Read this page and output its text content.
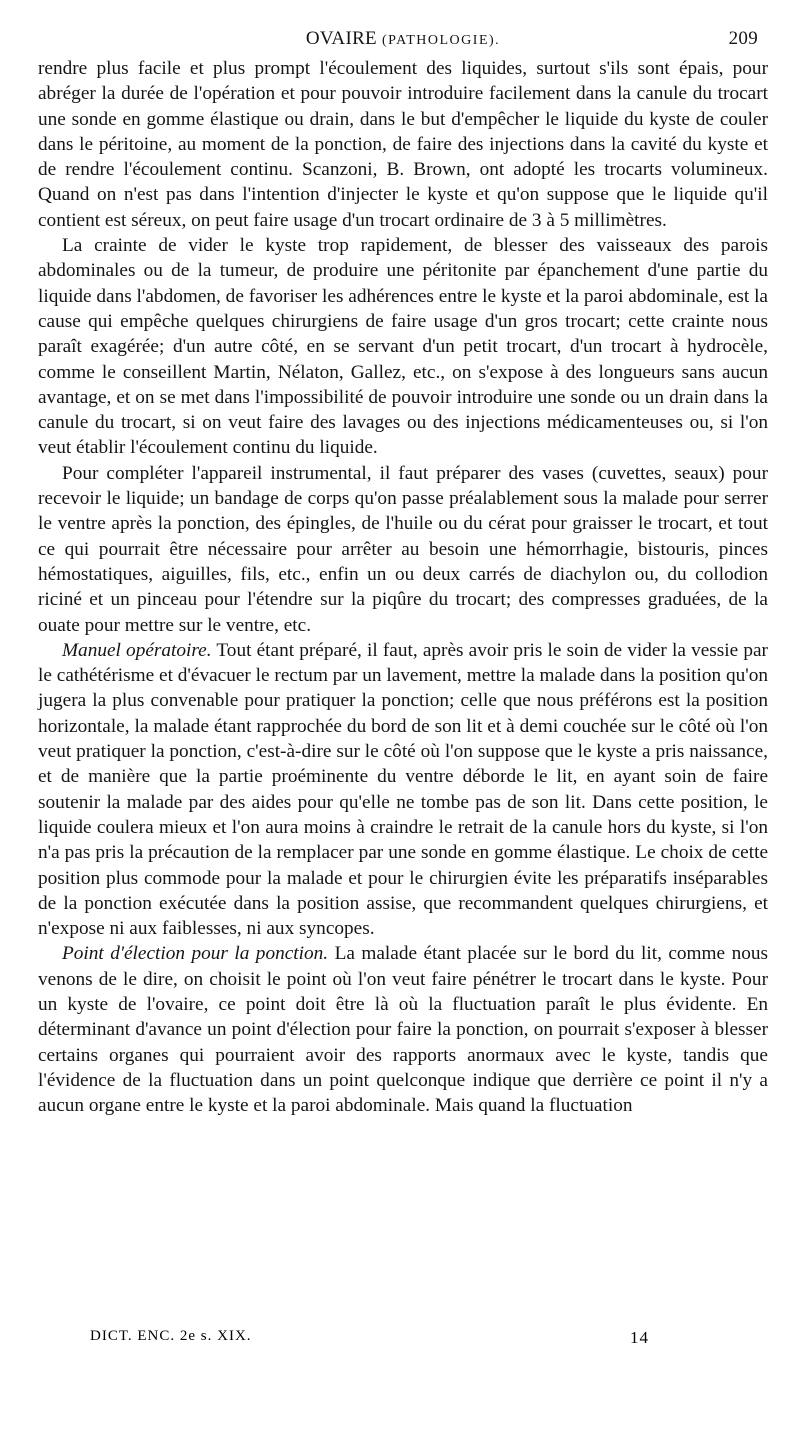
OVAIRE (PATHOLOGIE).	209

rendre plus facile et plus prompt l'écoulement des liquides, surtout s'ils sont épais, pour abréger la durée de l'opération et pour pouvoir introduire facilement dans la canule du trocart une sonde en gomme élastique ou drain, dans le but d'empêcher le liquide du kyste de couler dans le péritoine, au moment de la ponction, de faire des injections dans la cavité du kyste et de rendre l'écoulement continu. Scanzoni, B. Brown, ont adopté les trocarts volumineux. Quand on n'est pas dans l'intention d'injecter le kyste et qu'on suppose que le liquide qu'il contient est séreux, on peut faire usage d'un trocart ordinaire de 3 à 5 millimètres.

La crainte de vider le kyste trop rapidement, de blesser des vaisseaux des parois abdominales ou de la tumeur, de produire une péritonite par épanchement d'une partie du liquide dans l'abdomen, de favoriser les adhérences entre le kyste et la paroi abdominale, est la cause qui empêche quelques chirurgiens de faire usage d'un gros trocart; cette crainte nous paraît exagérée; d'un autre côté, en se servant d'un petit trocart, d'un trocart à hydrocèle, comme le conseillent Martin, Nélaton, Gallez, etc., on s'expose à des longueurs sans aucun avantage, et on se met dans l'impossibilité de pouvoir introduire une sonde ou un drain dans la canule du trocart, si on veut faire des lavages ou des injections médicamenteuses ou, si l'on veut établir l'écoulement continu du liquide.

Pour compléter l'appareil instrumental, il faut préparer des vases (cuvettes, seaux) pour recevoir le liquide; un bandage de corps qu'on passe préalablement sous la malade pour serrer le ventre après la ponction, des épingles, de l'huile ou du cérat pour graisser le trocart, et tout ce qui pourrait être nécessaire pour arrêter au besoin une hémorrhagie, bistouris, pinces hémostatiques, aiguilles, fils, etc., enfin un ou deux carrés de diachylon ou, du collodion riciné et un pinceau pour l'étendre sur la piqûre du trocart; des compresses graduées, de la ouate pour mettre sur le ventre, etc.

Manuel opératoire. Tout étant préparé, il faut, après avoir pris le soin de vider la vessie par le cathétérisme et d'évacuer le rectum par un lavement, mettre la malade dans la position qu'on jugera la plus convenable pour pratiquer la ponction; celle que nous préférons est la position horizontale, la malade étant rapprochée du bord de son lit et à demi couchée sur le côté où l'on veut pratiquer la ponction, c'est-à-dire sur le côté où l'on suppose que le kyste a pris naissance, et de manière que la partie proéminente du ventre déborde le lit, en ayant soin de faire soutenir la malade par des aides pour qu'elle ne tombe pas de son lit. Dans cette position, le liquide coulera mieux et l'on aura moins à craindre le retrait de la canule hors du kyste, si l'on n'a pas pris la précaution de la remplacer par une sonde en gomme élastique. Le choix de cette position plus commode pour la malade et pour le chirurgien évite les préparatifs inséparables de la ponction exécutée dans la position assise, que recommandent quelques chirurgiens, et n'expose ni aux faiblesses, ni aux syncopes.

Point d'élection pour la ponction. La malade étant placée sur le bord du lit, comme nous venons de le dire, on choisit le point où l'on veut faire pénétrer le trocart dans le kyste. Pour un kyste de l'ovaire, ce point doit être là où la fluctuation paraît le plus évidente. En déterminant d'avance un point d'élection pour faire la ponction, on pourrait s'exposer à blesser certains organes qui pourraient avoir des rapports anormaux avec le kyste, tandis que l'évidence de la fluctuation dans un point quelconque indique que derrière ce point il n'y a aucun organe entre le kyste et la paroi abdominale. Mais quand la fluctuation

DICT. ENC. 2e s. XIX.	14
